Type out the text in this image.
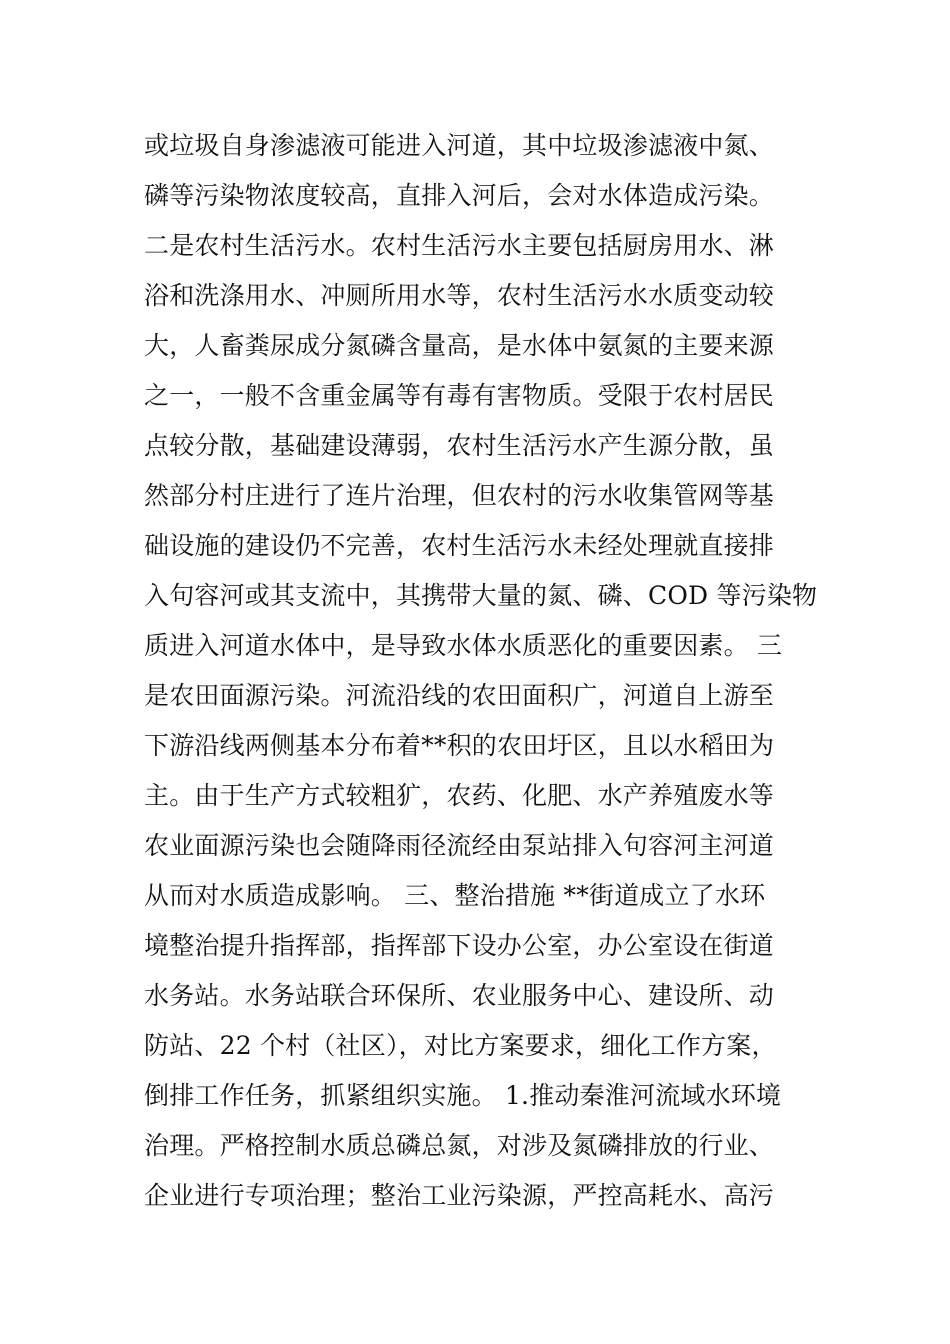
或垃圾自身渗滤液可能进入河道，其中垃圾渗滤液中氮、
磷等污染物浓度较高，直排入河后，会对水体造成污染。
二是农村生活污水。农村生活污水主要包括厨房用水、淋
浴和洗涤用水、冲厕所用水等，农村生活污水水质变动较
大，人畜粪尿成分氮磷含量高，是水体中氨氮的主要来源
之一，一般不含重金属等有毒有害物质。受限于农村居民
点较分散，基础建设薄弱，农村生活污水产生源分散，虽
然部分村庄进行了连片治理，但农村的污水收集管网等基
础设施的建设仍不完善，农村生活污水未经处理就直接排
入句容河或其支流中，其携带大量的氮、磷、COD 等污染物
质进入河道水体中，是导致水体水质恶化的重要因素。 三
是农田面源污染。河流沿线的农田面积广，河道自上游至
下游沿线两侧基本分布着**积的农田圩区，且以水稻田为
主。由于生产方式较粗犷，农药、化肥、水产养殖废水等
农业面源污染也会随降雨径流经由泵站排入句容河主河道
从而对水质造成影响。 三、整治措施 **街道成立了水环
境整治提升指挥部，指挥部下设办公室，办公室设在街道
水务站。水务站联合环保所、农业服务中心、建设所、动
防站、22 个村（社区），对比方案要求，细化工作方案，
倒排工作任务，抓紧组织实施。 1.推动秦淮河流域水环境
治理。严格控制水质总磷总氮，对涉及氮磷排放的行业、
企业进行专项治理；整治工业污染源，严控高耗水、高污
